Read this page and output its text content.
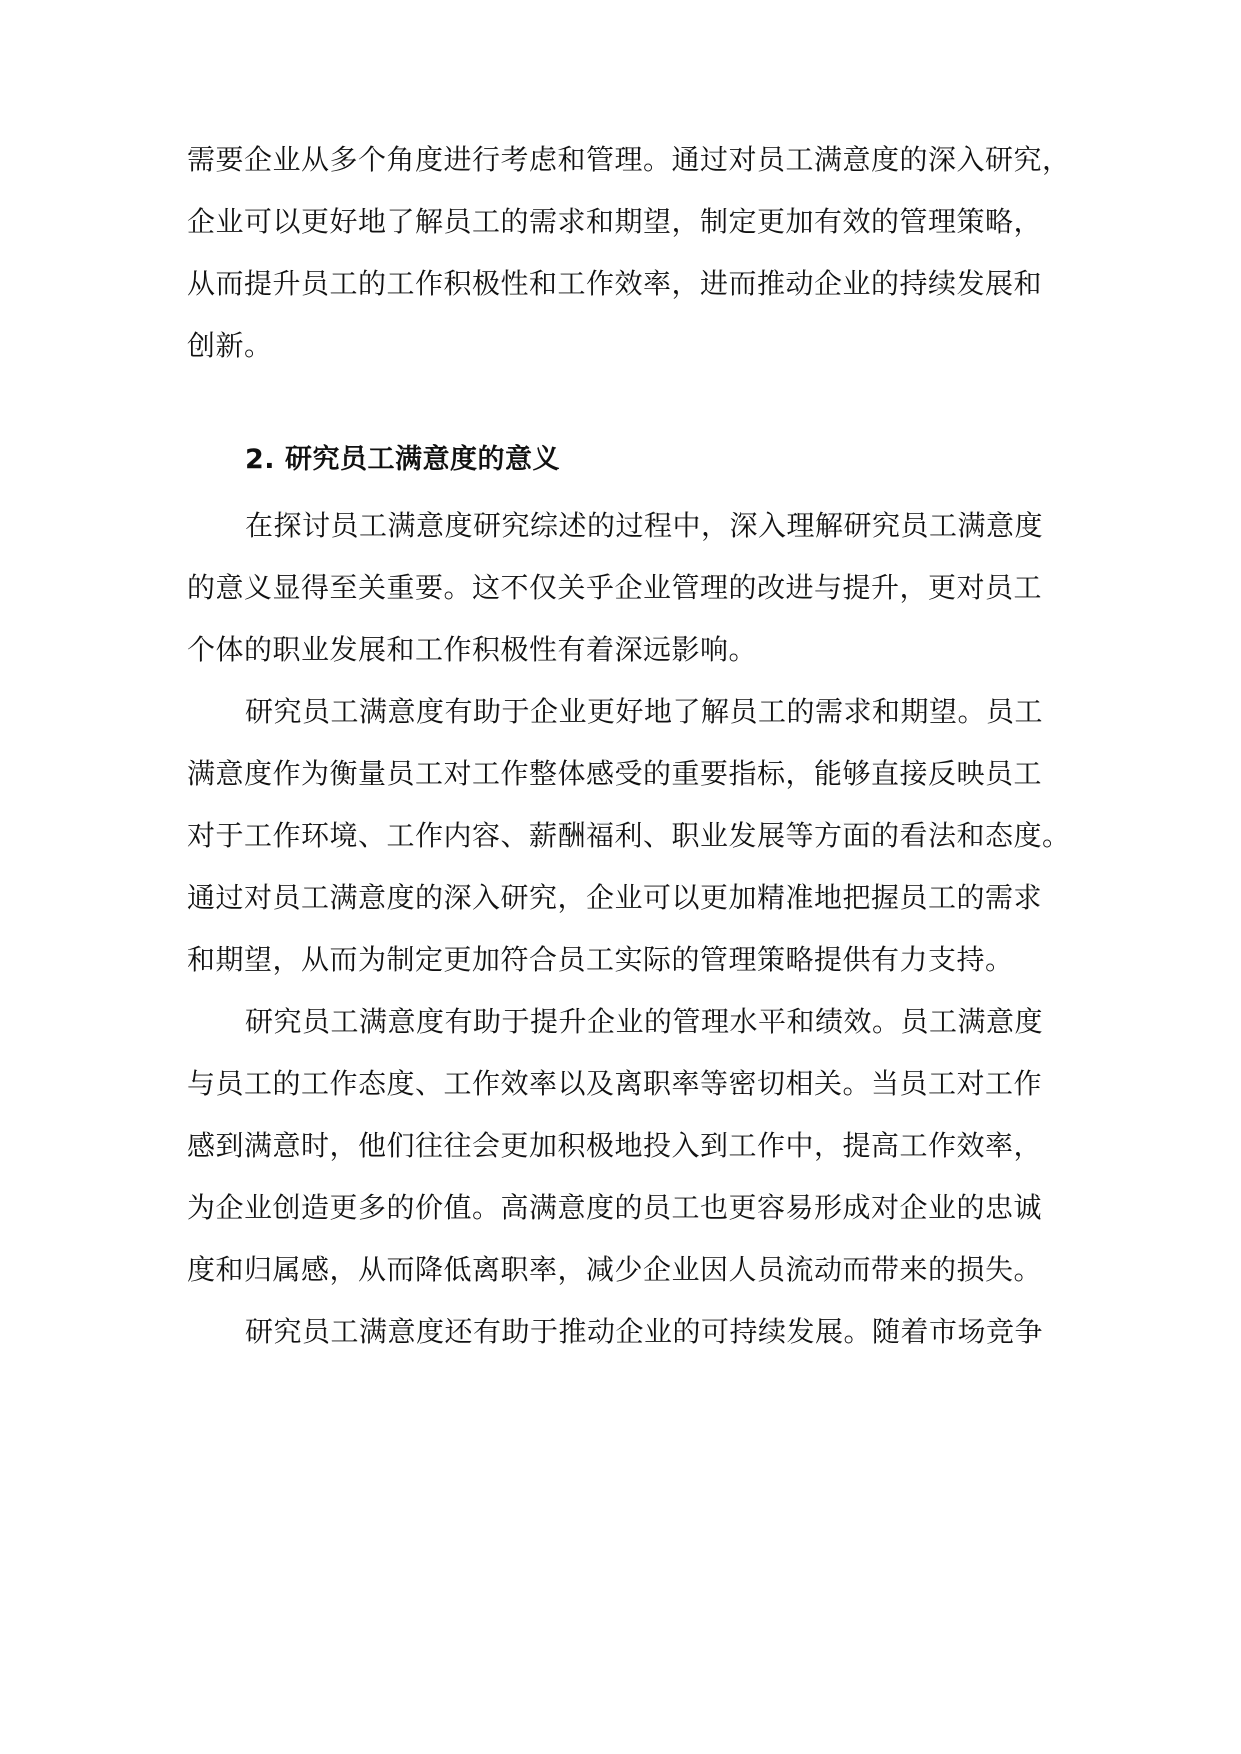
需要企业从多个角度进行考虑和管理。通过对员工满意度的深入研究，
企业可以更好地了解员工的需求和期望，制定更加有效的管理策略，
从而提升员工的工作积极性和工作效率，进而推动企业的持续发展和
创新。
2. 研究员工满意度的意义
在探讨员工满意度研究综述的过程中，深入理解研究员工满意度
的意义显得至关重要。这不仅关乎企业管理的改进与提升，更对员工
个体的职业发展和工作积极性有着深远影响。
研究员工满意度有助于企业更好地了解员工的需求和期望。员工
满意度作为衡量员工对工作整体感受的重要指标，能够直接反映员工
对于工作环境、工作内容、薪酬福利、职业发展等方面的看法和态度。
通过对员工满意度的深入研究，企业可以更加精准地把握员工的需求
和期望，从而为制定更加符合员工实际的管理策略提供有力支持。
研究员工满意度有助于提升企业的管理水平和绩效。员工满意度
与员工的工作态度、工作效率以及离职率等密切相关。当员工对工作
感到满意时，他们往往会更加积极地投入到工作中，提高工作效率，
为企业创造更多的价值。高满意度的员工也更容易形成对企业的忠诚
度和归属感，从而降低离职率，减少企业因人员流动而带来的损失。
研究员工满意度还有助于推动企业的可持续发展。随着市场竞争
